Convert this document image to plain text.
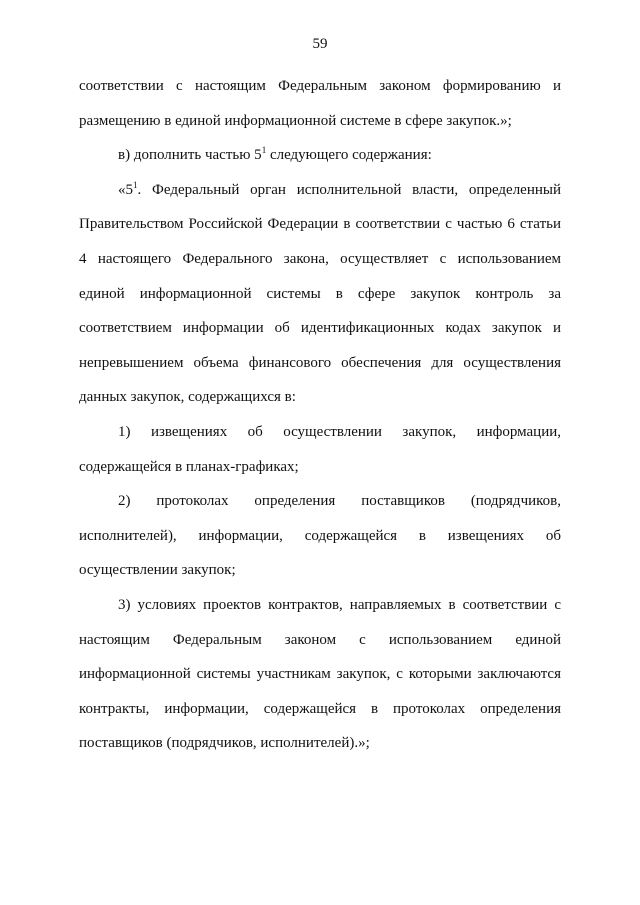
59

соответствии с настоящим Федеральным законом формированию и размещению в единой информационной системе в сфере закупок.»;

в) дополнить частью $5^1$ следующего содержания:

«$5^1$. Федеральный орган исполнительной власти, определенный Правительством Российской Федерации в соответствии с частью 6 статьи 4 настоящего Федерального закона, осуществляет с использованием единой информационной системы в сфере закупок контроль за соответствием информации об идентификационных кодах закупок и непревышением объема финансового обеспечения для осуществления данных закупок, содержащихся в:

1) извещениях об осуществлении закупок, информации, содержащейся в планах-графиках;

2) протоколах определения поставщиков (подрядчиков, исполнителей), информации, содержащейся в извещениях об осуществлении закупок;

3) условиях проектов контрактов, направляемых в соответствии с настоящим Федеральным законом с использованием единой информационной системы участникам закупок, с которыми заключаются контракты, информации, содержащейся в протоколах определения поставщиков (подрядчиков, исполнителей).»;
